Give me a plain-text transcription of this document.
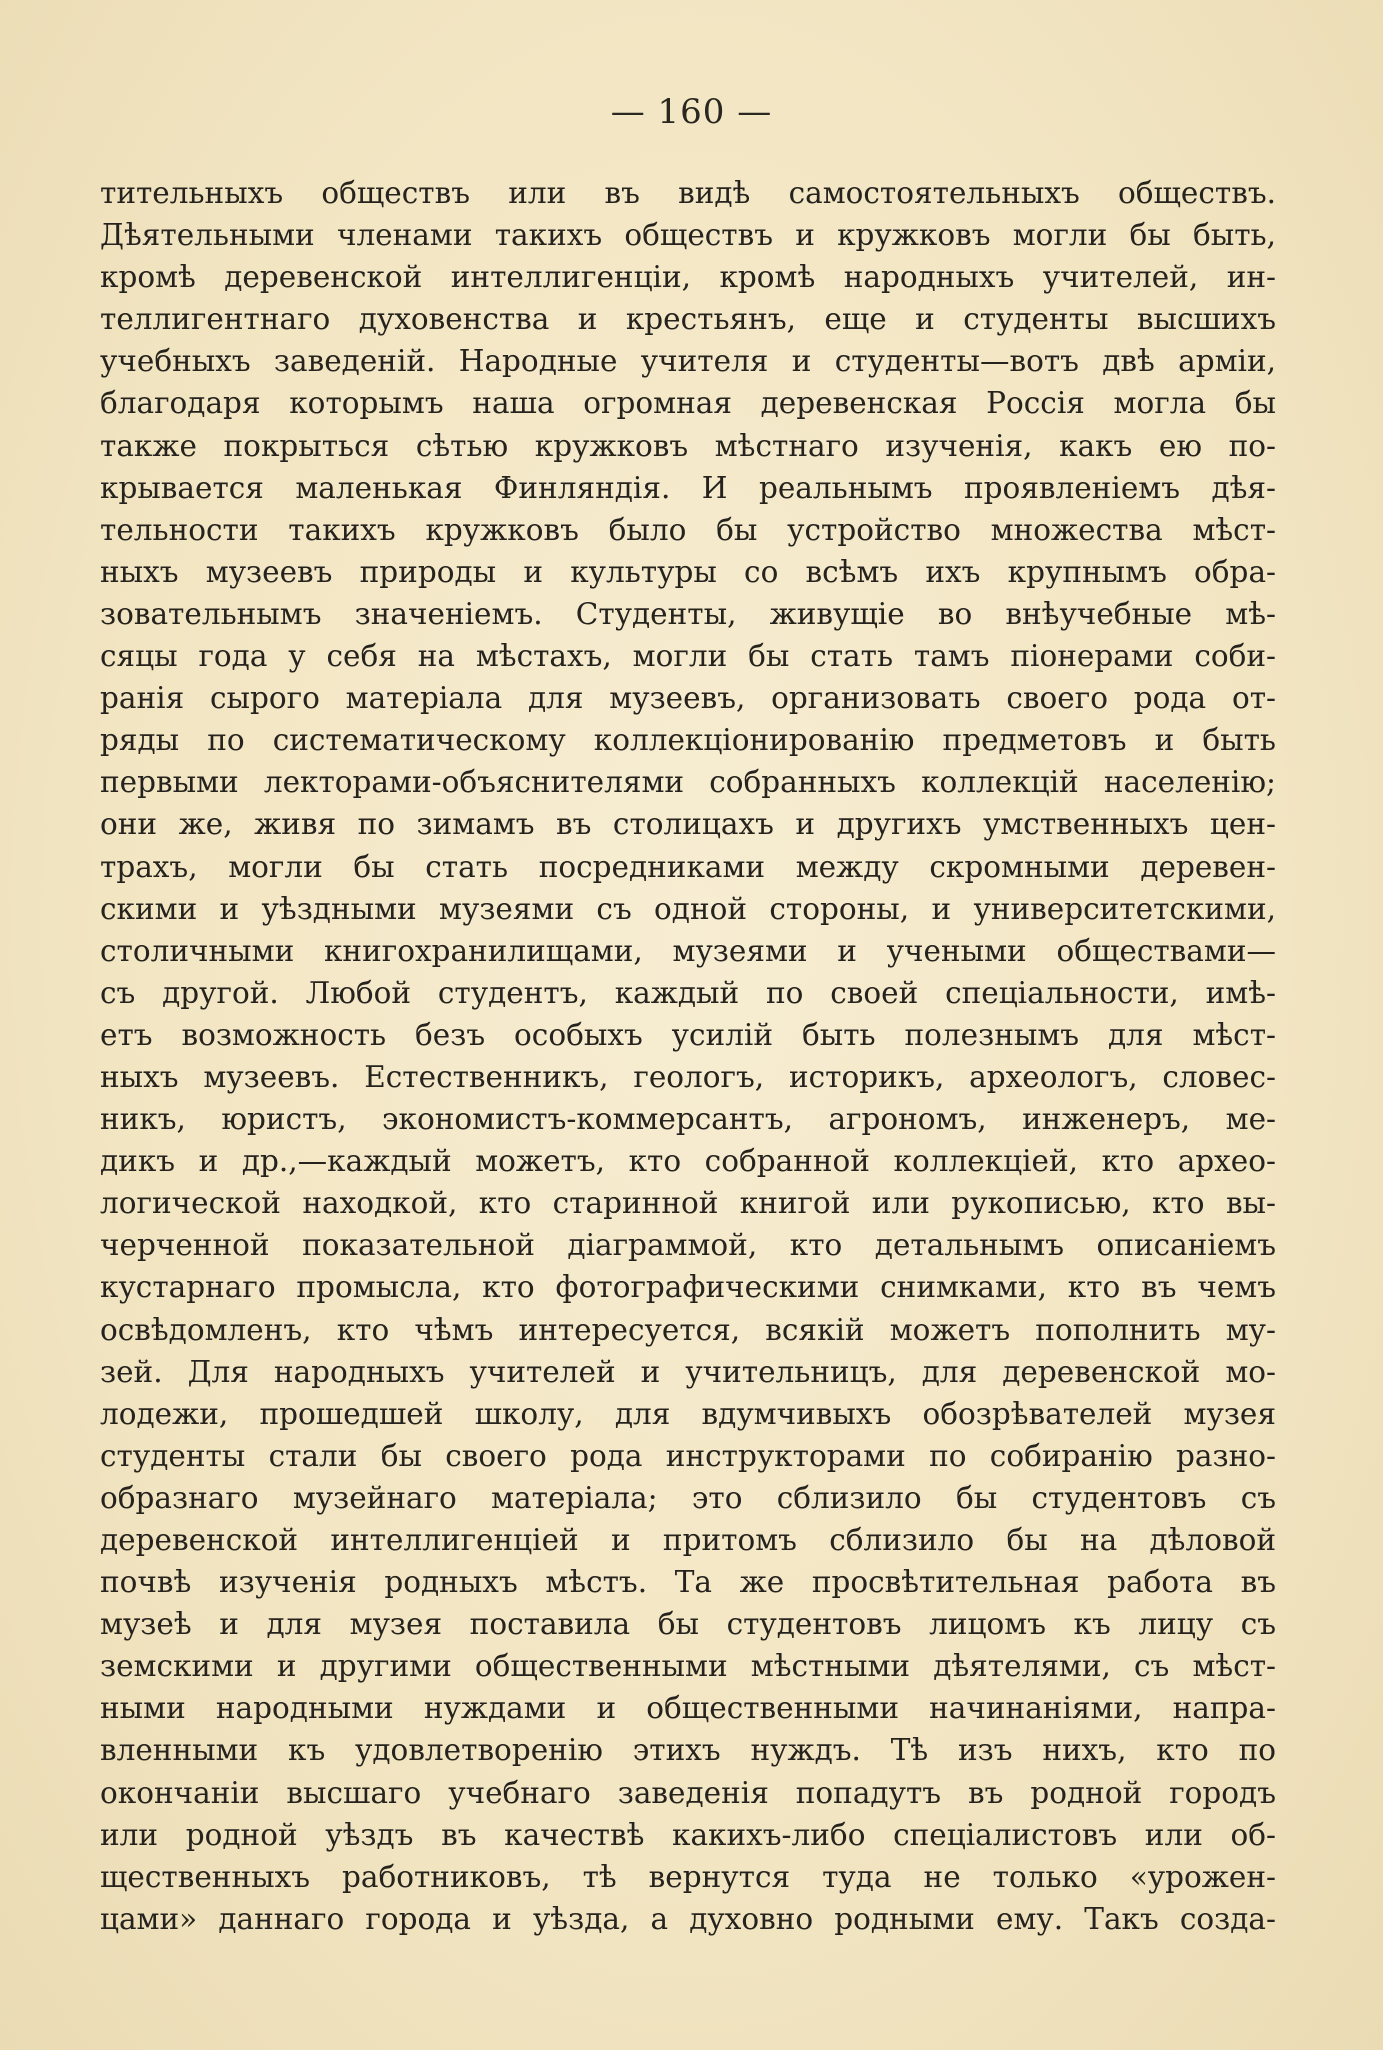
— 160 —
тительныхъ обществъ или въ видѣ самостоятельныхъ обществъ.
Дѣятельными членами такихъ обществъ и кружковъ могли бы быть,
кромѣ деревенской интеллигенціи, кромѣ народныхъ учителей, ин-
теллигентнаго духовенства и крестьянъ, еще и студенты высшихъ
учебныхъ заведеній. Народные учителя и студенты—вотъ двѣ арміи,
благодаря которымъ наша огромная деревенская Россія могла бы
также покрыться сѣтью кружковъ мѣстнаго изученія, какъ ею по-
крывается маленькая Финляндія. И реальнымъ проявленіемъ дѣя-
тельности такихъ кружковъ было бы устройство множества мѣст-
ныхъ музеевъ природы и культуры со всѣмъ ихъ крупнымъ обра-
зовательнымъ значеніемъ. Студенты, живущіе во внѣучебные мѣ-
сяцы года у себя на мѣстахъ, могли бы стать тамъ піонерами соби-
ранія сырого матеріала для музеевъ, организовать своего рода от-
ряды по систематическому коллекціонированію предметовъ и быть
первыми лекторами-объяснителями собранныхъ коллекцій населенію;
они же, живя по зимамъ въ столицахъ и другихъ умственныхъ цен-
трахъ, могли бы стать посредниками между скромными деревен-
скими и уѣздными музеями съ одной стороны, и университетскими,
столичными книгохранилищами, музеями и учеными обществами—
съ другой. Любой студентъ, каждый по своей спеціальности, имѣ-
етъ возможность безъ особыхъ усилій быть полезнымъ для мѣст-
ныхъ музеевъ. Естественникъ, геологъ, историкъ, археологъ, словес-
никъ, юристъ, экономистъ-коммерсантъ, агрономъ, инженеръ, ме-
дикъ и др.,—каждый можетъ, кто собранной коллекціей, кто архео-
логической находкой, кто старинной книгой или рукописью, кто вы-
черченной показательной діаграммой, кто детальнымъ описаніемъ
кустарнаго промысла, кто фотографическими снимками, кто въ чемъ
освѣдомленъ, кто чѣмъ интересуется, всякій можетъ пополнить му-
зей. Для народныхъ учителей и учительницъ, для деревенской мо-
лодежи, прошедшей школу, для вдумчивыхъ обозрѣвателей музея
студенты стали бы своего рода инструкторами по собиранію разно-
образнаго музейнаго матеріала; это сблизило бы студентовъ съ
деревенской интеллигенціей и притомъ сблизило бы на дѣловой
почвѣ изученія родныхъ мѣстъ. Та же просвѣтительная работа въ
музеѣ и для музея поставила бы студентовъ лицомъ къ лицу съ
земскими и другими общественными мѣстными дѣятелями, съ мѣст-
ными народными нуждами и общественными начинаніями, напра-
вленными къ удовлетворенію этихъ нуждъ. Тѣ изъ нихъ, кто по
окончаніи высшаго учебнаго заведенія попадутъ въ родной городъ
или родной уѣздъ въ качествѣ какихъ-либо спеціалистовъ или об-
щественныхъ работниковъ, тѣ вернутся туда не только «урожен-
цами» даннаго города и уѣзда, а духовно родными ему. Такъ созда-
